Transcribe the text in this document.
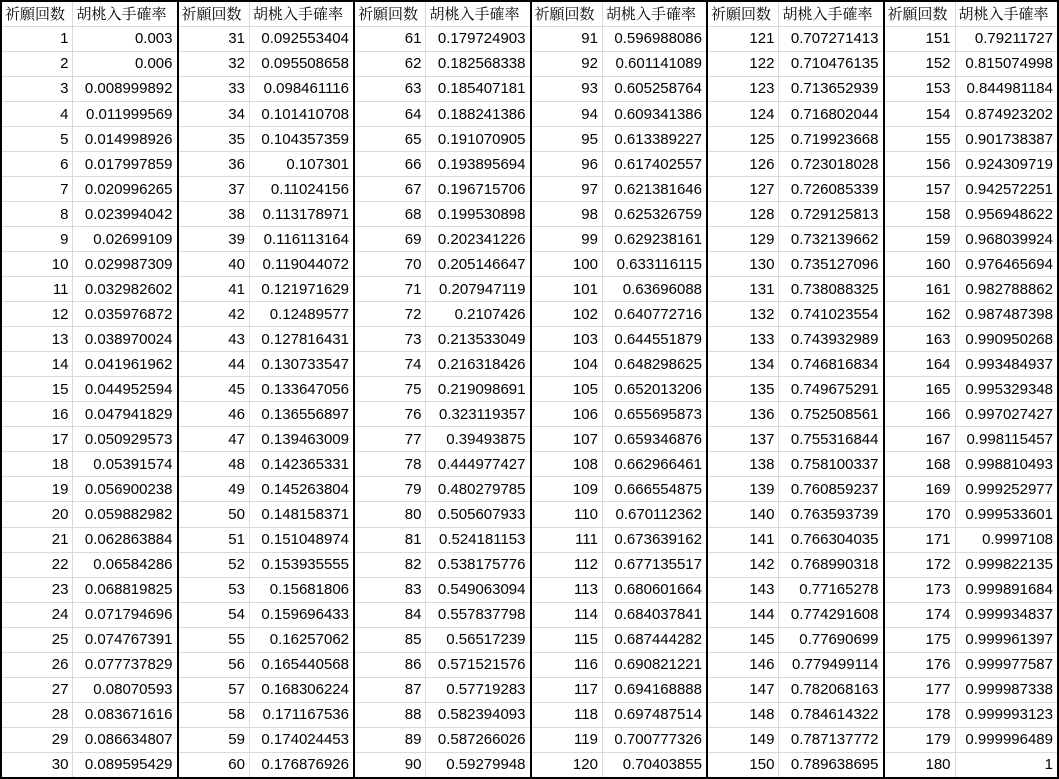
祈願回数	胡桃入手確率
1	0.003
2	0.006
3	0.008999892
4	0.011999569
5	0.014998926
6	0.017997859
7	0.020996265
8	0.023994042
9	0.02699109
10	0.029987309
11	0.032982602
12	0.035976872
13	0.038970024
14	0.041961962
15	0.044952594
16	0.047941829
17	0.050929573
18	0.05391574
19	0.056900238
20	0.059882982
21	0.062863884
22	0.06584286
23	0.068819825
24	0.071794696
25	0.074767391
26	0.077737829
27	0.08070593
28	0.083671616
29	0.086634807
30	0.089595429
祈願回数	胡桃入手確率
31	0.092553404
32	0.095508658
33	0.098461116
34	0.101410708
35	0.104357359
36	0.107301
37	0.11024156
38	0.113178971
39	0.116113164
40	0.119044072
41	0.121971629
42	0.12489577
43	0.127816431
44	0.130733547
45	0.133647056
46	0.136556897
47	0.139463009
48	0.142365331
49	0.145263804
50	0.148158371
51	0.151048974
52	0.153935555
53	0.15681806
54	0.159696433
55	0.16257062
56	0.165440568
57	0.168306224
58	0.171167536
59	0.174024453
60	0.176876926
祈願回数	胡桃入手確率
61	0.179724903
62	0.182568338
63	0.185407181
64	0.188241386
65	0.191070905
66	0.193895694
67	0.196715706
68	0.199530898
69	0.202341226
70	0.205146647
71	0.207947119
72	0.2107426
73	0.213533049
74	0.216318426
75	0.219098691
76	0.323119357
77	0.39493875
78	0.444977427
79	0.480279785
80	0.505607933
81	0.524181153
82	0.538175776
83	0.549063094
84	0.557837798
85	0.56517239
86	0.571521576
87	0.57719283
88	0.582394093
89	0.587266026
90	0.59279948
祈願回数	胡桃入手確率
91	0.596988086
92	0.601141089
93	0.605258764
94	0.609341386
95	0.613389227
96	0.617402557
97	0.621381646
98	0.625326759
99	0.629238161
100	0.633116115
101	0.63696088
102	0.640772716
103	0.644551879
104	0.648298625
105	0.652013206
106	0.655695873
107	0.659346876
108	0.662966461
109	0.666554875
110	0.670112362
111	0.673639162
112	0.677135517
113	0.680601664
114	0.684037841
115	0.687444282
116	0.690821221
117	0.694168888
118	0.697487514
119	0.700777326
120	0.70403855
祈願回数	胡桃入手確率
121	0.707271413
122	0.710476135
123	0.713652939
124	0.716802044
125	0.719923668
126	0.723018028
127	0.726085339
128	0.729125813
129	0.732139662
130	0.735127096
131	0.738088325
132	0.741023554
133	0.743932989
134	0.746816834
135	0.749675291
136	0.752508561
137	0.755316844
138	0.758100337
139	0.760859237
140	0.763593739
141	0.766304035
142	0.768990318
143	0.77165278
144	0.774291608
145	0.77690699
146	0.779499114
147	0.782068163
148	0.784614322
149	0.787137772
150	0.789638695
祈願回数	胡桃入手確率
151	0.79211727
152	0.815074998
153	0.844981184
154	0.874923202
155	0.901738387
156	0.924309719
157	0.942572251
158	0.956948622
159	0.968039924
160	0.976465694
161	0.982788862
162	0.987487398
163	0.990950268
164	0.993484937
165	0.995329348
166	0.997027427
167	0.998115457
168	0.998810493
169	0.999252977
170	0.999533601
171	0.9997108
172	0.999822135
173	0.999891684
174	0.999934837
175	0.999961397
176	0.999977587
177	0.999987338
178	0.999993123
179	0.999996489
180	1
